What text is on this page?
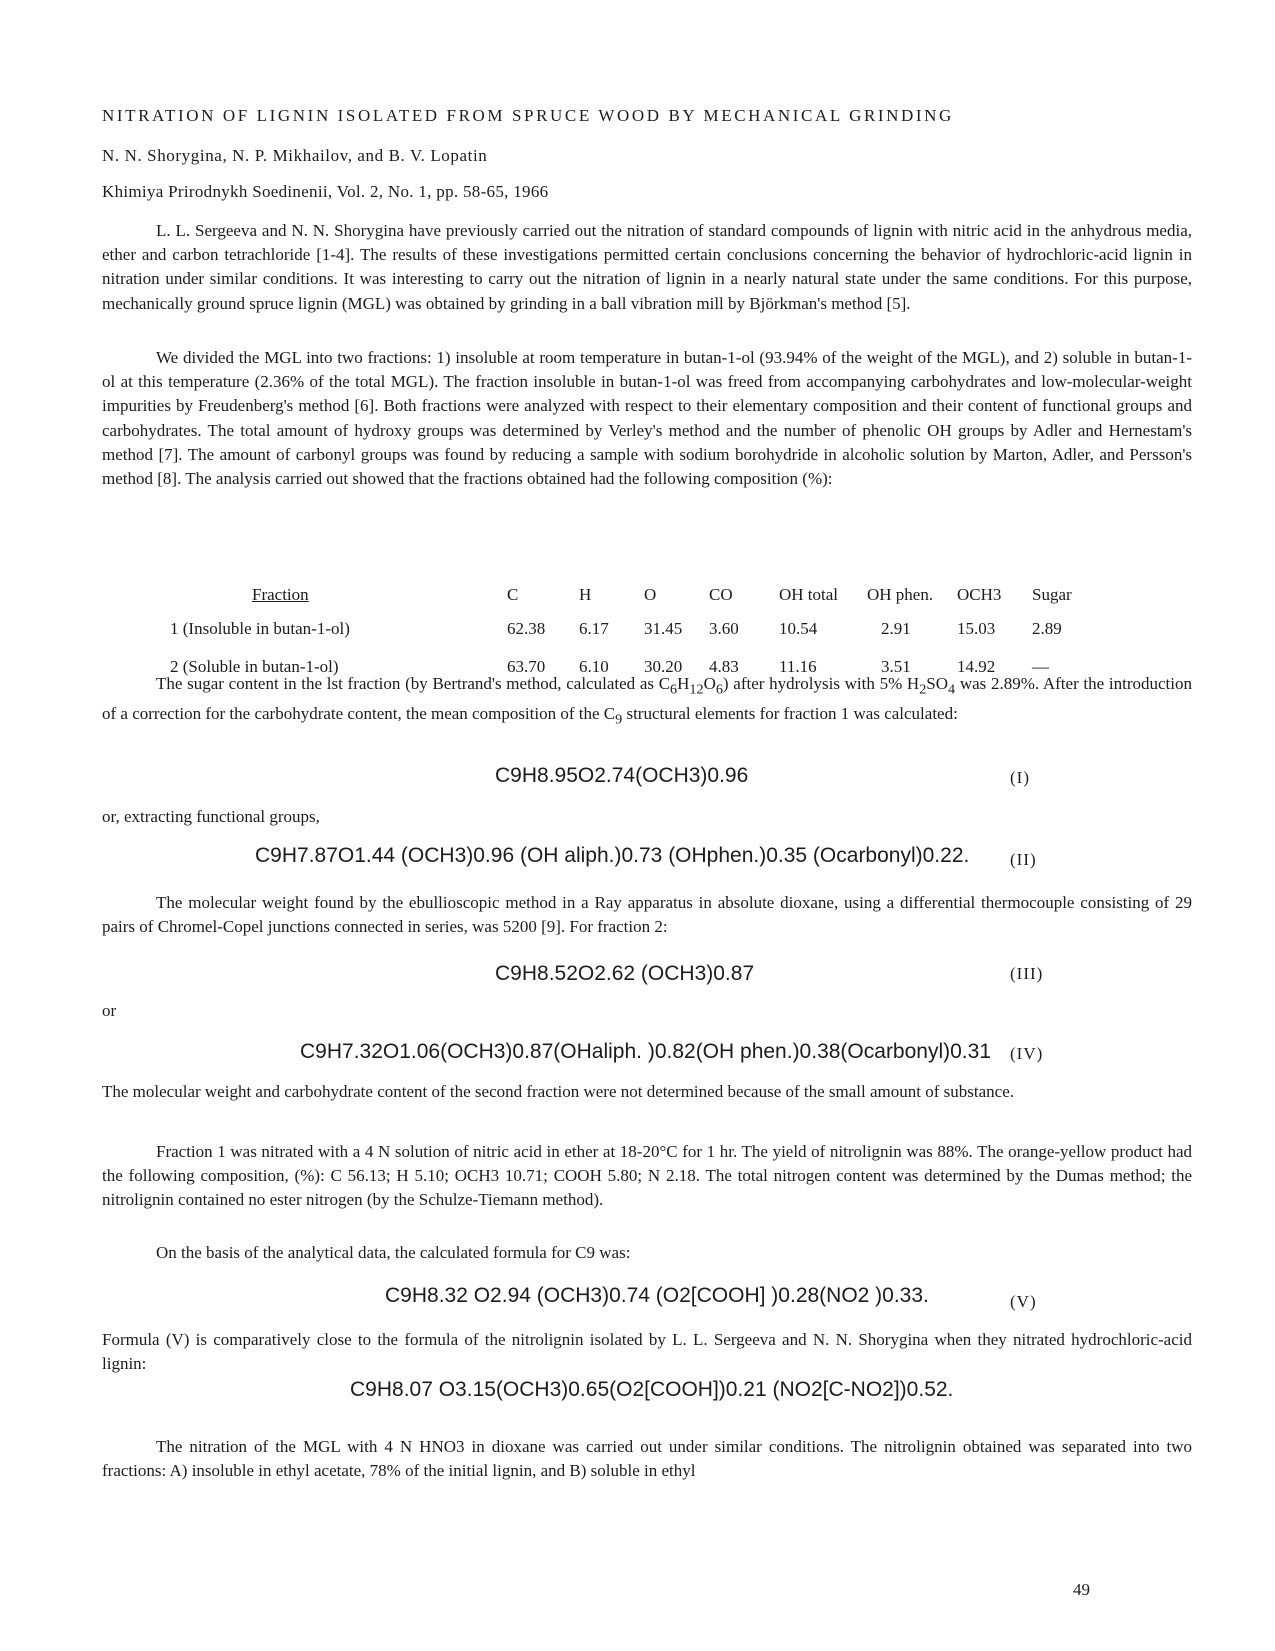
NITRATION OF LIGNIN ISOLATED FROM SPRUCE WOOD BY MECHANICAL GRINDING
N. N. Shorygina, N. P. Mikhailov, and B. V. Lopatin
Khimiya Prirodnykh Soedinenii, Vol. 2, No. 1, pp. 58-65, 1966
L. L. Sergeeva and N. N. Shorygina have previously carried out the nitration of standard compounds of lignin with nitric acid in the anhydrous media, ether and carbon tetrachloride [1-4]. The results of these investigations permitted certain conclusions concerning the behavior of hydrochloric-acid lignin in nitration under similar conditions. It was interesting to carry out the nitration of lignin in a nearly natural state under the same conditions. For this purpose, mechanically ground spruce lignin (MGL) was obtained by grinding in a ball vibration mill by Björkman's method [5].
We divided the MGL into two fractions: 1) insoluble at room temperature in butan-1-ol (93.94% of the weight of the MGL), and 2) soluble in butan-1-ol at this temperature (2.36% of the total MGL). The fraction insoluble in butan-1-ol was freed from accompanying carbohydrates and low-molecular-weight impurities by Freudenberg's method [6]. Both fractions were analyzed with respect to their elementary composition and their content of functional groups and carbohydrates. The total amount of hydroxy groups was determined by Verley's method and the number of phenolic OH groups by Adler and Hernestam's method [7]. The amount of carbonyl groups was found by reducing a sample with sodium borohydride in alcoholic solution by Marton, Adler, and Persson's method [8]. The analysis carried out showed that the fractions obtained had the following composition (%):
Fraction	C	H	O	CO	OH total	OH phen.	OCH3	Sugar
1 (Insoluble in butan-1-ol)	62.38	6.17	31.45	3.60	10.54	2.91	15.03	2.89
2 (Soluble in butan-1-ol)	63.70	6.10	30.20	4.83	11.16	3.51	14.92	—
The sugar content in the lst fraction (by Bertrand's method, calculated as $C_6H_{12}O_6$) after hydrolysis with 5% $H_2SO_4$ was 2.89%. After the introduction of a correction for the carbohydrate content, the mean composition of the $C_9$ structural elements for fraction 1 was calculated:
C9H8.95O2.74(OCH3)0.96	(I)
or, extracting functional groups,
C9H7.87O1.44 (OCH3)0.96 (OH aliph.)0.73 (OHphen.)0.35 (Ocarbonyl)0.22. (II)
The molecular weight found by the ebullioscopic method in a Ray apparatus in absolute dioxane, using a differential thermocouple consisting of 29 pairs of Chromel-Copel junctions connected in series, was 5200 [9]. For fraction 2:
C9H8.52O2.62 (OCH3)0.87	(III)
or
C9H7.32O1.06(OCH3)0.87(OHaliph. )0.82(OH phen.)0.38(Ocarbonyl)0.31 (IV)
The molecular weight and carbohydrate content of the second fraction were not determined because of the small amount of substance.
Fraction 1 was nitrated with a 4 N solution of nitric acid in ether at 18-20°C for 1 hr. The yield of nitrolignin was 88%. The orange-yellow product had the following composition, (%): C 56.13; H 5.10; OCH3 10.71; COOH 5.80; N 2.18. The total nitrogen content was determined by the Dumas method; the nitrolignin contained no ester nitrogen (by the Schulze-Tiemann method).
On the basis of the analytical data, the calculated formula for C9 was:
C9H8.32 O2.94 (OCH3)0.74 (O2[COOH] )0.28(NO2 )0.33.	(V)
Formula (V) is comparatively close to the formula of the nitrolignin isolated by L. L. Sergeeva and N. N. Shorygina when they nitrated hydrochloric-acid lignin:
C9H8.07 O3.15(OCH3)0.65(O2[COOH])0.21 (NO2[C-NO2])0.52.
The nitration of the MGL with 4 N HNO3 in dioxane was carried out under similar conditions. The nitrolignin obtained was separated into two fractions: A) insoluble in ethyl acetate, 78% of the initial lignin, and B) soluble in ethyl
49
